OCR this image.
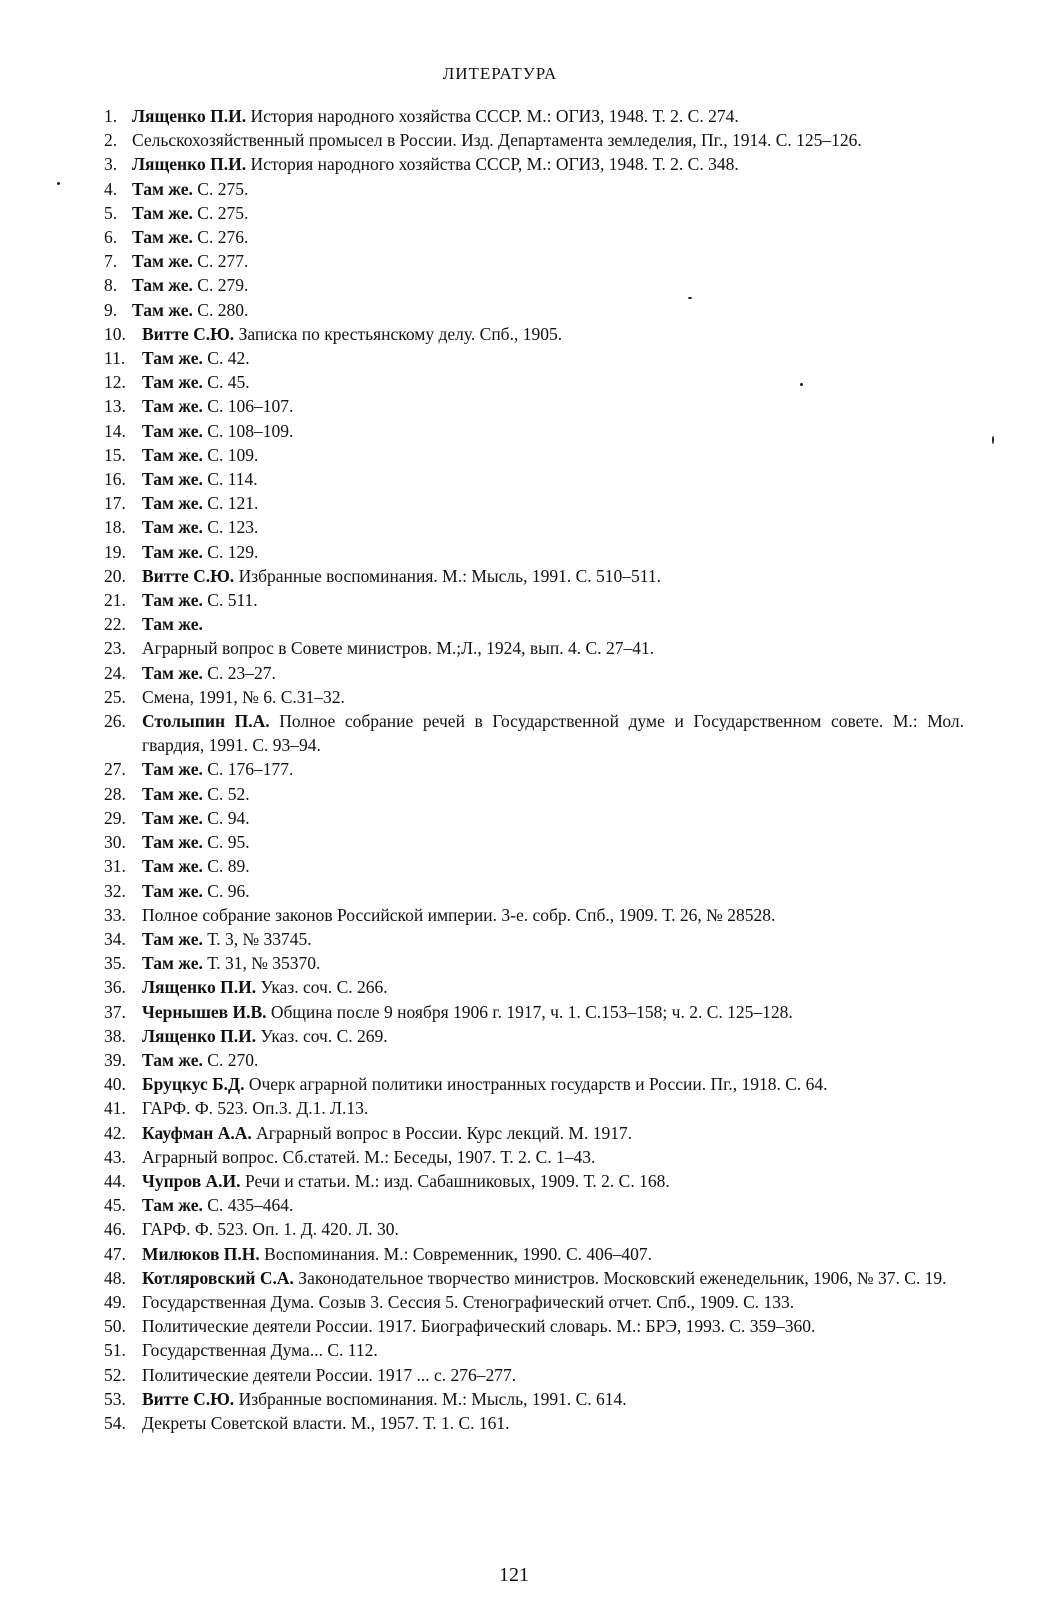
ЛИТЕРАТУРА
1. Лященко П.И. История народного хозяйства СССР. М.: ОГИЗ, 1948. Т. 2. С. 274.
2. Сельскохозяйственный промысел в России. Изд. Департамента земледелия, Пг., 1914. С. 125–126.
3. Лященко П.И. История народного хозяйства СССР, М.: ОГИЗ, 1948. Т. 2. С. 348.
4. Там же. С. 275.
5. Там же. С. 275.
6. Там же. С. 276.
7. Там же. С. 277.
8. Там же. С. 279.
9. Там же. С. 280.
10. Витте С.Ю. Записка по крестьянскому делу. Спб., 1905.
11. Там же. С. 42.
12. Там же. С. 45.
13. Там же. С. 106–107.
14. Там же. С. 108–109.
15. Там же. С. 109.
16. Там же. С. 114.
17. Там же. С. 121.
18. Там же. С. 123.
19. Там же. С. 129.
20. Витте С.Ю. Избранные воспоминания. М.: Мысль, 1991. С. 510–511.
21. Там же. С. 511.
22. Там же.
23. Аграрный вопрос в Совете министров. М.;Л., 1924, вып. 4. С. 27–41.
24. Там же. С. 23–27.
25. Смена, 1991, № 6. С.31–32.
26. Столыпин П.А. Полное собрание речей в Государственной думе и Государственном совете. М.: Мол. гвардия, 1991. С. 93–94.
27. Там же. С. 176–177.
28. Там же. С. 52.
29. Там же. С. 94.
30. Там же. С. 95.
31. Там же. С. 89.
32. Там же. С. 96.
33. Полное собрание законов Российской империи. 3-е. собр. Спб., 1909. Т. 26, № 28528.
34. Там же. Т. 3, № 33745.
35. Там же. Т. 31, № 35370.
36. Лященко П.И. Указ. соч. С. 266.
37. Чернышев И.В. Община после 9 ноября 1906 г. 1917, ч. 1. С.153–158; ч. 2. С. 125–128.
38. Лященко П.И. Указ. соч. С. 269.
39. Там же. С. 270.
40. Бруцкус Б.Д. Очерк аграрной политики иностранных государств и России. Пг., 1918. С. 64.
41. ГАРФ. Ф. 523. Оп.3. Д.1. Л.13.
42. Кауфман А.А. Аграрный вопрос в России. Курс лекций. М. 1917.
43. Аграрный вопрос. Сб.статей. М.: Беседы, 1907. Т. 2. С. 1–43.
44. Чупров А.И. Речи и статьи. М.: изд. Сабашниковых, 1909. Т. 2. С. 168.
45. Там же. С. 435–464.
46. ГАРФ. Ф. 523. Оп. 1. Д. 420. Л. 30.
47. Милюков П.Н. Воспоминания. М.: Современник, 1990. С. 406–407.
48. Котляровский С.А. Законодательное творчество министров. Московский еженедельник, 1906, № 37. С. 19.
49. Государственная Дума. Созыв 3. Сессия 5. Стенографический отчет. Спб., 1909. С. 133.
50. Политические деятели России. 1917. Биографический словарь. М.: БРЭ, 1993. С. 359–360.
51. Государственная Дума... С. 112.
52. Политические деятели России. 1917 ... с. 276–277.
53. Витте С.Ю. Избранные воспоминания. М.: Мысль, 1991. С. 614.
54. Декреты Советской власти. М., 1957. Т. 1. С. 161.
121
